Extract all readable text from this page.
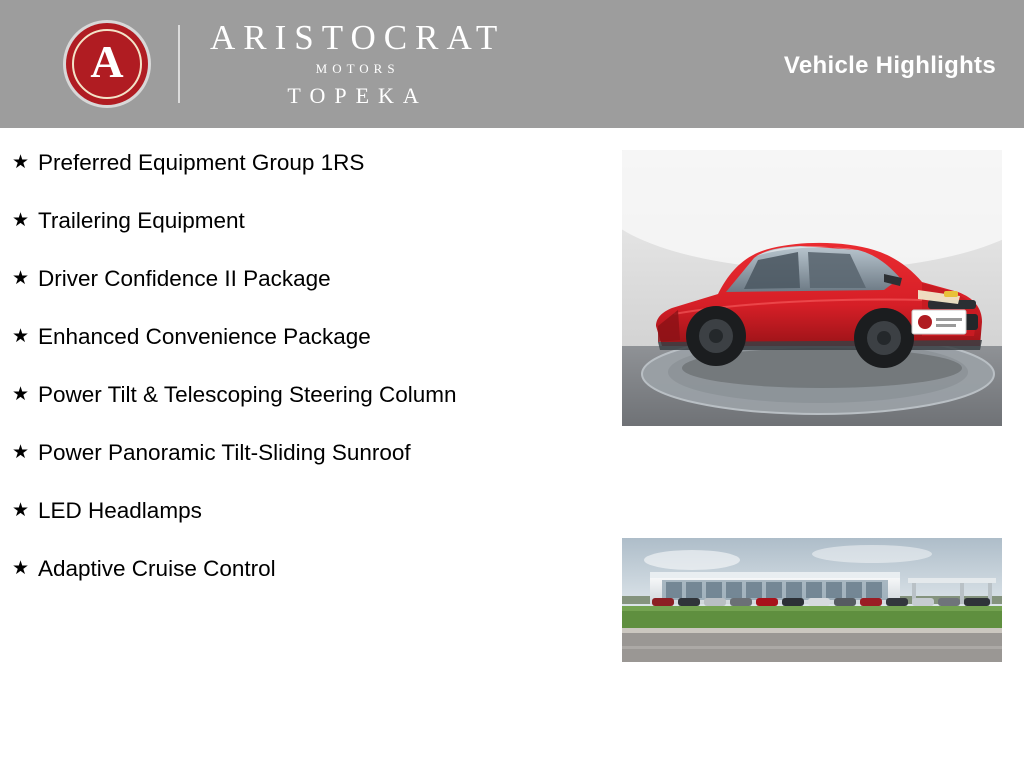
A ARISTOCRAT
MOTORS
TOPEKA
Vehicle Highlights
★ Preferred Equipment Group 1RS
★ Trailering Equipment
★ Driver Confidence II Package
★ Enhanced Convenience Package
★ Power Tilt & Telescoping Steering Column
★ Power Panoramic Tilt-Sliding Sunroof
★ LED Headlamps
★ Adaptive Cruise Control
